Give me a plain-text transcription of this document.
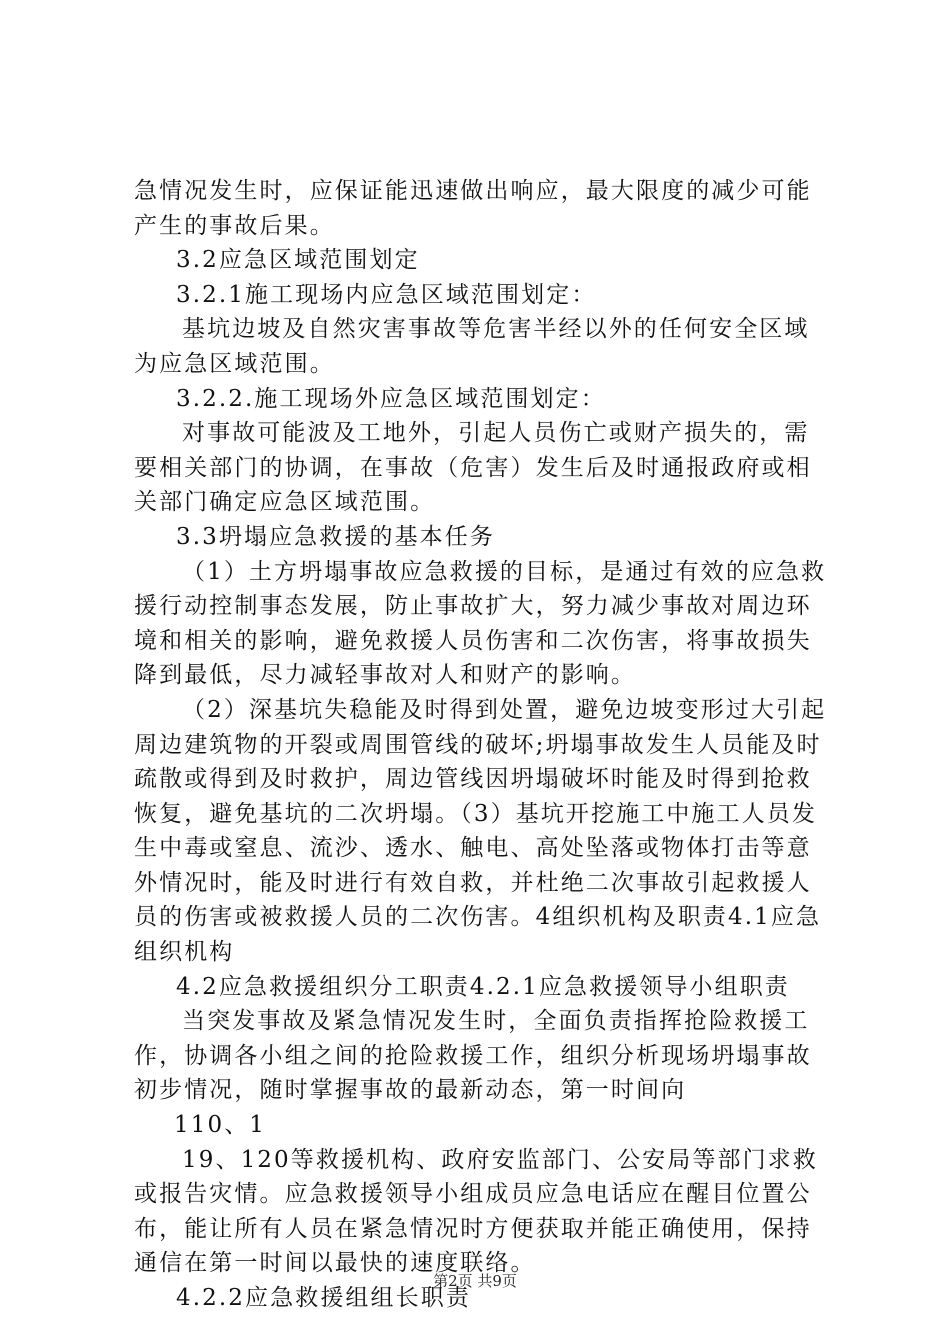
急情况发生时，应保证能迅速做出响应，最大限度的减少可能
产生的事故后果。
3.2应急区域范围划定
3.2.1施工现场内应急区域范围划定：
基坑边坡及自然灾害事故等危害半经以外的任何安全区域
为应急区域范围。
3.2.2.施工现场外应急区域范围划定：
对事故可能波及工地外，引起人员伤亡或财产损失的，需
要相关部门的协调，在事故（危害）发生后及时通报政府或相
关部门确定应急区域范围。
3.3坍塌应急救援的基本任务
（1）土方坍塌事故应急救援的目标，是通过有效的应急救
援行动控制事态发展，防止事故扩大，努力减少事故对周边环
境和相关的影响，避免救援人员伤害和二次伤害，将事故损失
降到最低，尽力减轻事故对人和财产的影响。
（2）深基坑失稳能及时得到处置，避免边坡变形过大引起
周边建筑物的开裂或周围管线的破坏;坍塌事故发生人员能及时
疏散或得到及时救护，周边管线因坍塌破坏时能及时得到抢救
恢复，避免基坑的二次坍塌。（3）基坑开挖施工中施工人员发
生中毒或窒息、流沙、透水、触电、高处坠落或物体打击等意
外情况时，能及时进行有效自救，并杜绝二次事故引起救援人
员的伤害或被救援人员的二次伤害。4组织机构及职责4.1应急
组织机构
4.2应急救援组织分工职责4.2.1应急救援领导小组职责
当突发事故及紧急情况发生时，全面负责指挥抢险救援工
作，协调各小组之间的抢险救援工作，组织分析现场坍塌事故
初步情况，随时掌握事故的最新动态，第一时间向
110、1
19、120等救援机构、政府安监部门、公安局等部门求救
或报告灾情。应急救援领导小组成员应急电话应在醒目位置公
布，能让所有人员在紧急情况时方便获取并能正确使用，保持
通信在第一时间以最快的速度联络。
4.2.2应急救援组组长职责
第2页 共9页
